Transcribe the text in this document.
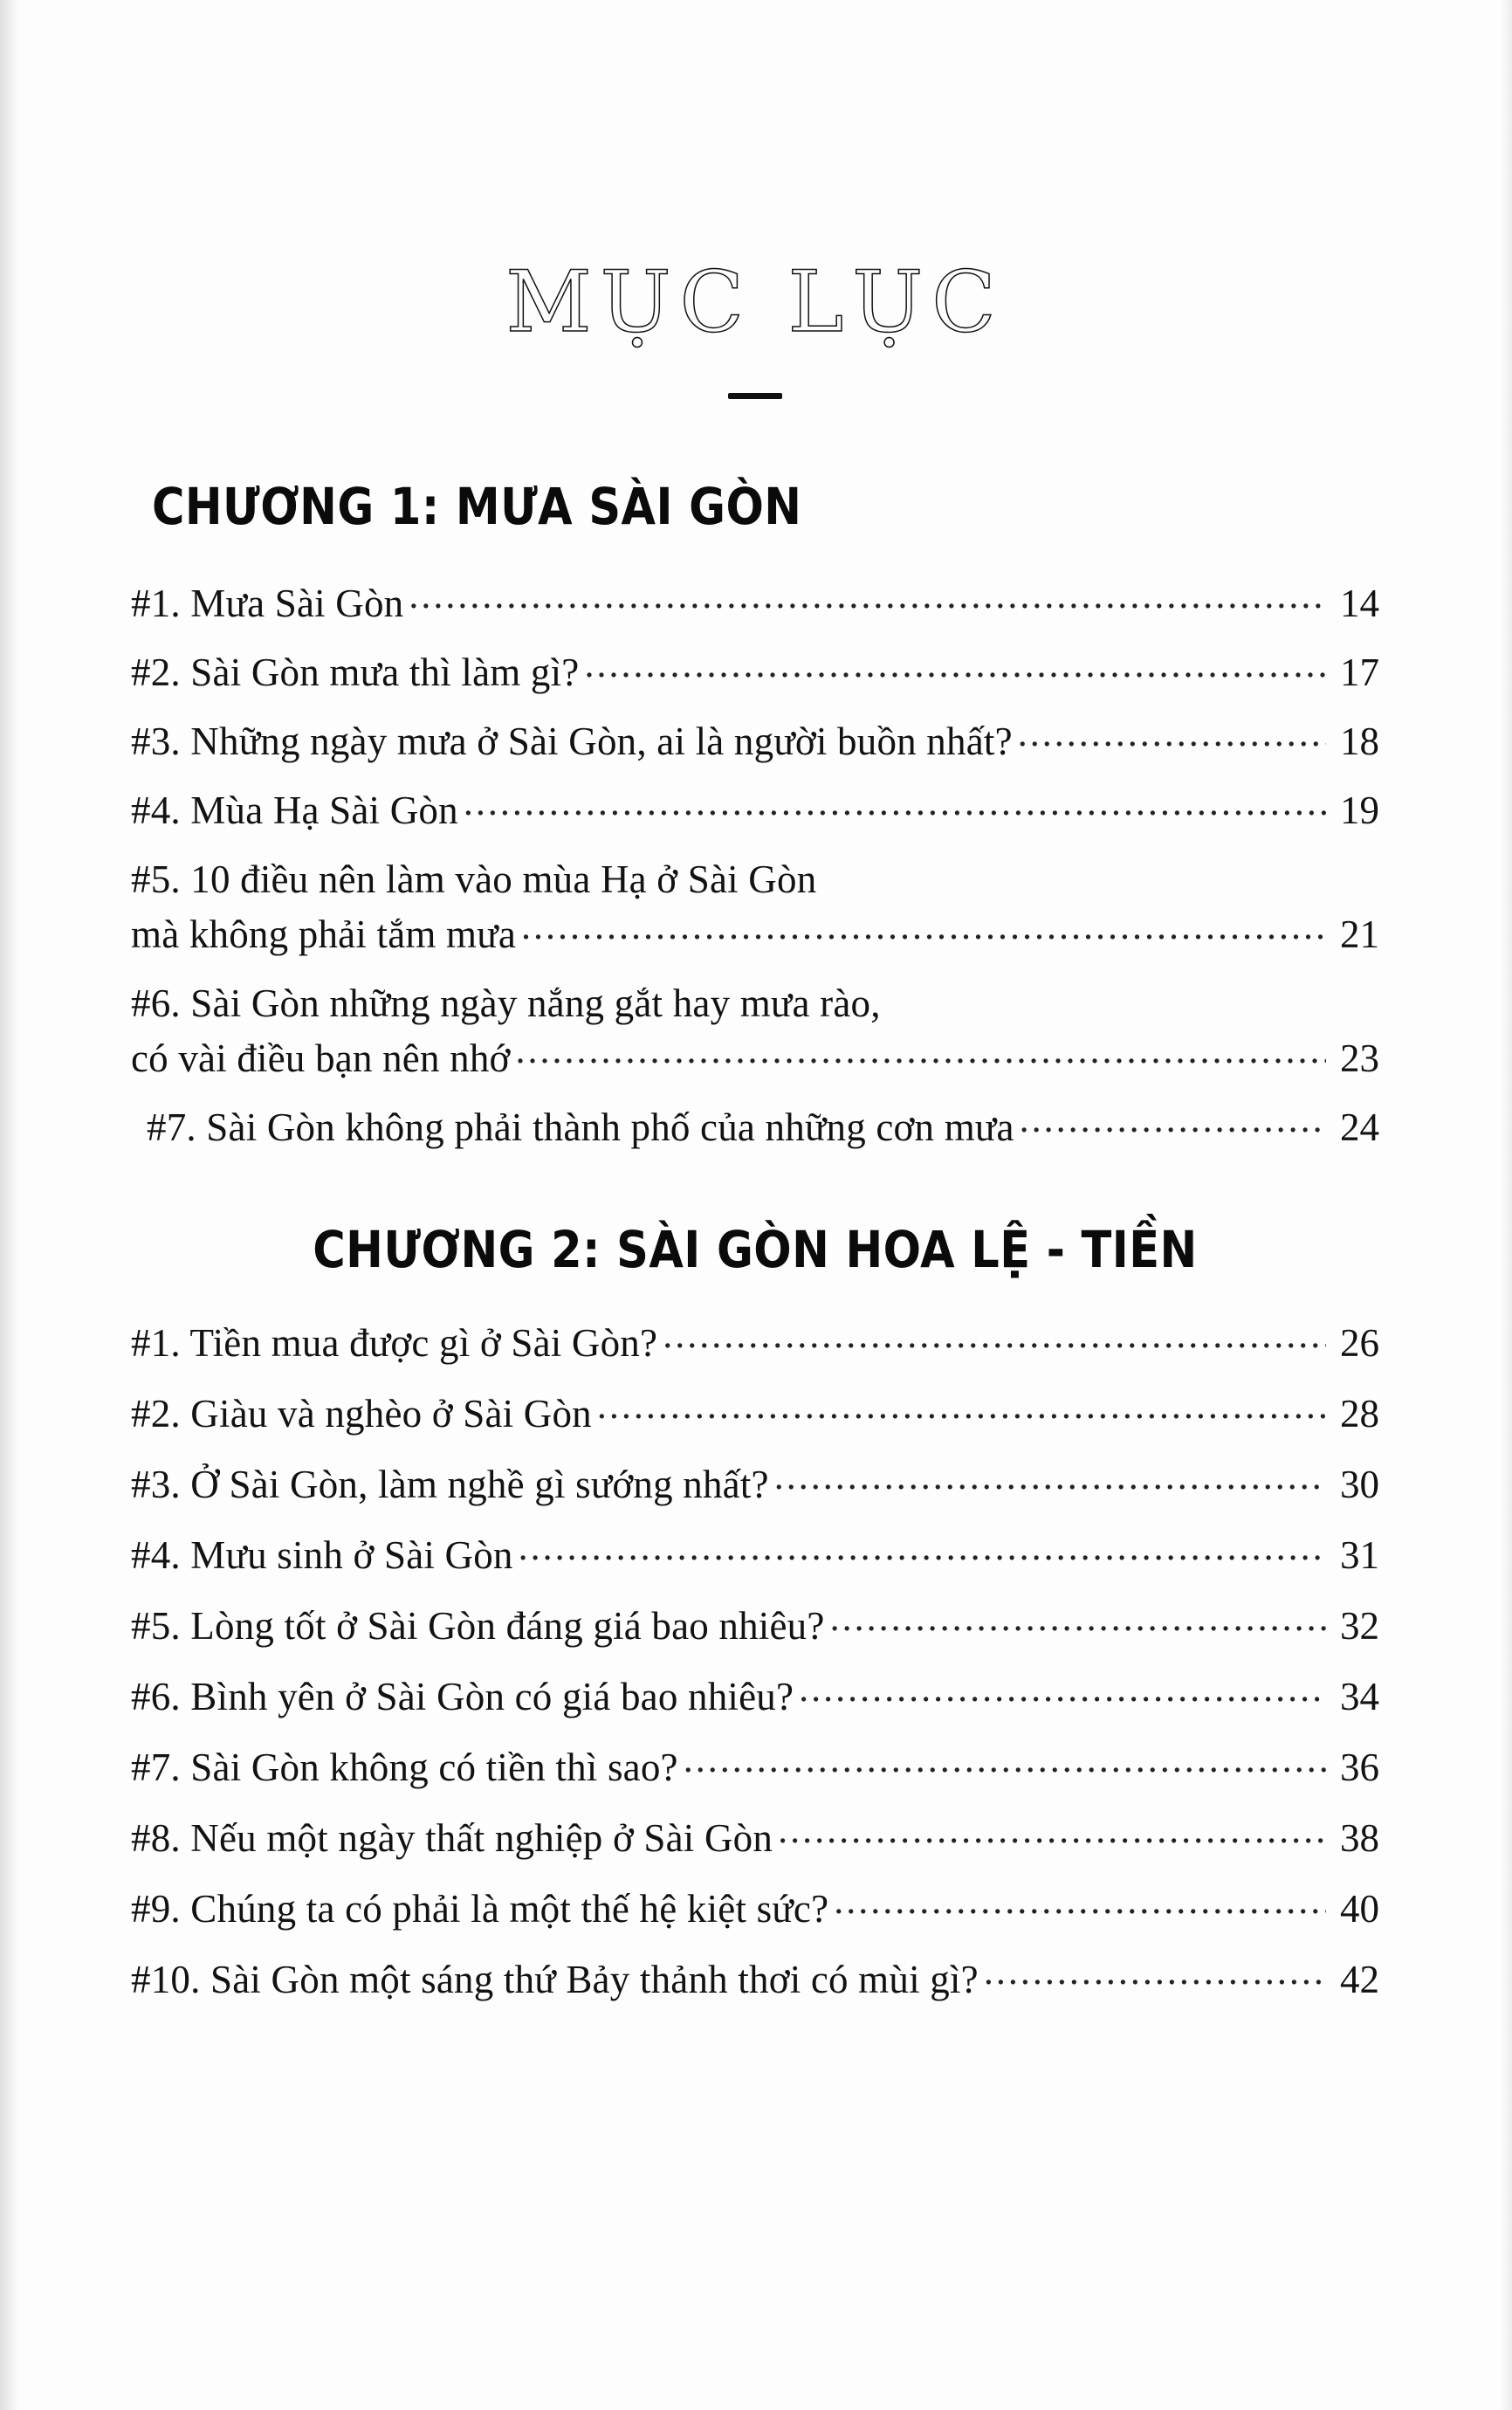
MỤC LỤC
CHƯƠNG 1: MƯA SÀI GÒN
#1. Mưa Sài Gòn .....	14
#2. Sài Gòn mưa thì làm gì? .....	17
#3. Những ngày mưa ở Sài Gòn, ai là người buồn nhất? .....	18
#4. Mùa Hạ Sài Gòn .....	19
#5. 10 điều nên làm vào mùa Hạ ở Sài Gòn
mà không phải tắm mưa .....	21
#6. Sài Gòn những ngày nắng gắt hay mưa rào,
có vài điều bạn nên nhớ .....	23
#7. Sài Gòn không phải thành phố của những cơn mưa .....	24
CHƯƠNG 2: SÀI GÒN HOA LỆ - TIỀN
#1. Tiền mua được gì ở Sài Gòn? .....	26
#2. Giàu và nghèo ở Sài Gòn .....	28
#3. Ở Sài Gòn, làm nghề gì sướng nhất? .....	30
#4. Mưu sinh ở Sài Gòn .....	31
#5. Lòng tốt ở Sài Gòn đáng giá bao nhiêu? .....	32
#6. Bình yên ở Sài Gòn có giá bao nhiêu? .....	34
#7. Sài Gòn không có tiền thì sao? .....	36
#8. Nếu một ngày thất nghiệp ở Sài Gòn .....	38
#9. Chúng ta có phải là một thế hệ kiệt sức? .....	40
#10. Sài Gòn một sáng thứ Bảy thảnh thơi có mùi gì? .....	42
